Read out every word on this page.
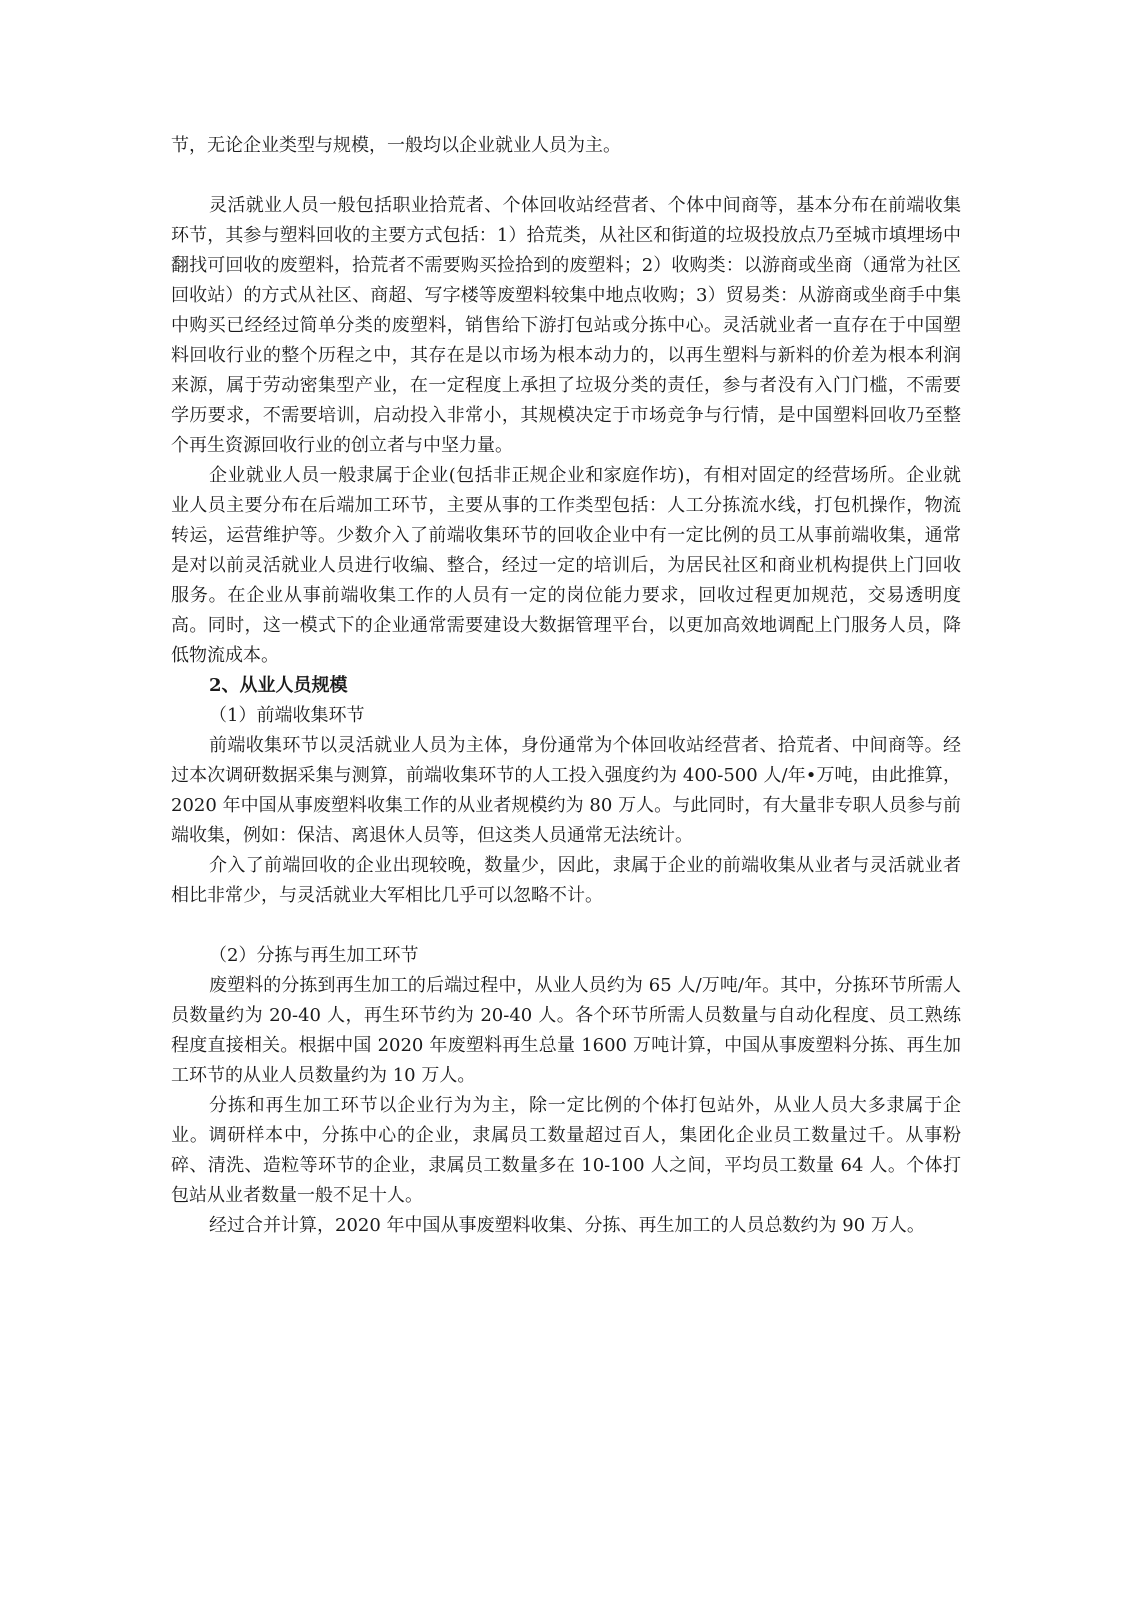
节，无论企业类型与规模，一般均以企业就业人员为主。

灵活就业人员一般包括职业拾荒者、个体回收站经营者、个体中间商等，基本分布在前端收集环节，其参与塑料回收的主要方式包括：1）拾荒类，从社区和街道的垃圾投放点乃至城市填埋场中翻找可回收的废塑料，拾荒者不需要购买捡拾到的废塑料；2）收购类：以游商或坐商（通常为社区回收站）的方式从社区、商超、写字楼等废塑料较集中地点收购；3）贸易类：从游商或坐商手中集中购买已经经过简单分类的废塑料，销售给下游打包站或分拣中心。灵活就业者一直存在于中国塑料回收行业的整个历程之中，其存在是以市场为根本动力的，以再生塑料与新料的价差为根本利润来源，属于劳动密集型产业，在一定程度上承担了垃圾分类的责任，参与者没有入门门槛，不需要学历要求，不需要培训，启动投入非常小，其规模决定于市场竞争与行情，是中国塑料回收乃至整个再生资源回收行业的创立者与中坚力量。

企业就业人员一般隶属于企业(包括非正规企业和家庭作坊)，有相对固定的经营场所。企业就业人员主要分布在后端加工环节，主要从事的工作类型包括：人工分拣流水线，打包机操作，物流转运，运营维护等。少数介入了前端收集环节的回收企业中有一定比例的员工从事前端收集，通常是对以前灵活就业人员进行收编、整合，经过一定的培训后，为居民社区和商业机构提供上门回收服务。在企业从事前端收集工作的人员有一定的岗位能力要求，回收过程更加规范，交易透明度高。同时，这一模式下的企业通常需要建设大数据管理平台，以更加高效地调配上门服务人员，降低物流成本。

2、从业人员规模

（1）前端收集环节

前端收集环节以灵活就业人员为主体，身份通常为个体回收站经营者、拾荒者、中间商等。经过本次调研数据采集与测算，前端收集环节的人工投入强度约为 400-500 人/年•万吨，由此推算，2020 年中国从事废塑料收集工作的从业者规模约为 80 万人。与此同时，有大量非专职人员参与前端收集，例如：保洁、离退休人员等，但这类人员通常无法统计。

介入了前端回收的企业出现较晚，数量少，因此，隶属于企业的前端收集从业者与灵活就业者相比非常少，与灵活就业大军相比几乎可以忽略不计。

（2）分拣与再生加工环节

废塑料的分拣到再生加工的后端过程中，从业人员约为 65 人/万吨/年。其中，分拣环节所需人员数量约为 20-40 人，再生环节约为 20-40 人。各个环节所需人员数量与自动化程度、员工熟练程度直接相关。根据中国 2020 年废塑料再生总量 1600 万吨计算，中国从事废塑料分拣、再生加工环节的从业人员数量约为 10 万人。

分拣和再生加工环节以企业行为为主，除一定比例的个体打包站外，从业人员大多隶属于企业。调研样本中，分拣中心的企业，隶属员工数量超过百人，集团化企业员工数量过千。从事粉碎、清洗、造粒等环节的企业，隶属员工数量多在 10-100 人之间，平均员工数量 64 人。个体打包站从业者数量一般不足十人。

经过合并计算，2020 年中国从事废塑料收集、分拣、再生加工的人员总数约为 90 万人。
